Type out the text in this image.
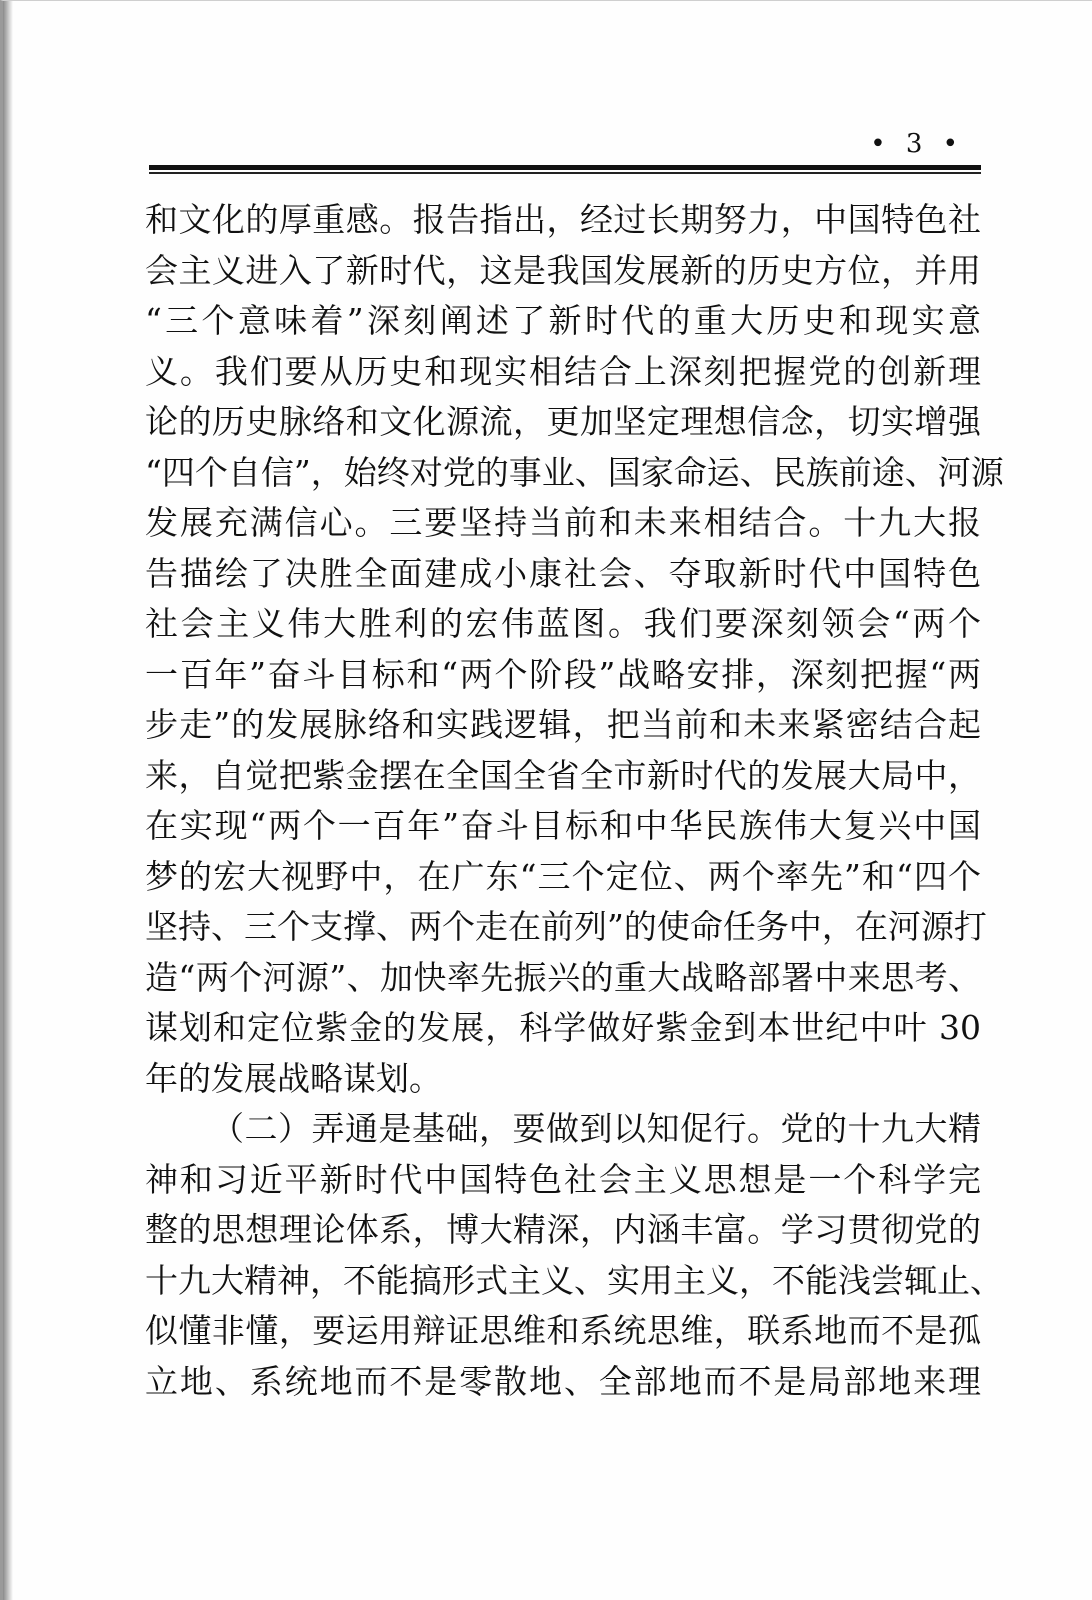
• 3 •
和文化的厚重感。报告指出，经过长期努力，中国特色社
会主义进入了新时代，这是我国发展新的历史方位，并用
“三个意味着”深刻阐述了新时代的重大历史和现实意
义。我们要从历史和现实相结合上深刻把握党的创新理
论的历史脉络和文化源流，更加坚定理想信念，切实增强
“四个自信”，始终对党的事业、国家命运、民族前途、河源
发展充满信心。三要坚持当前和未来相结合。十九大报
告描绘了决胜全面建成小康社会、夺取新时代中国特色
社会主义伟大胜利的宏伟蓝图。我们要深刻领会“两个
一百年”奋斗目标和“两个阶段”战略安排，深刻把握“两
步走”的发展脉络和实践逻辑，把当前和未来紧密结合起
来，自觉把紫金摆在全国全省全市新时代的发展大局中，
在实现“两个一百年”奋斗目标和中华民族伟大复兴中国
梦的宏大视野中，在广东“三个定位、两个率先”和“四个
坚持、三个支撑、两个走在前列”的使命任务中，在河源打
造“两个河源”、加快率先振兴的重大战略部署中来思考、
谋划和定位紫金的发展，科学做好紫金到本世纪中叶 30
年的发展战略谋划。
（二）弄通是基础，要做到以知促行。党的十九大精
神和习近平新时代中国特色社会主义思想是一个科学完
整的思想理论体系，博大精深，内涵丰富。学习贯彻党的
十九大精神，不能搞形式主义、实用主义，不能浅尝辄止、
似懂非懂，要运用辩证思维和系统思维，联系地而不是孤
立地、系统地而不是零散地、全部地而不是局部地来理
